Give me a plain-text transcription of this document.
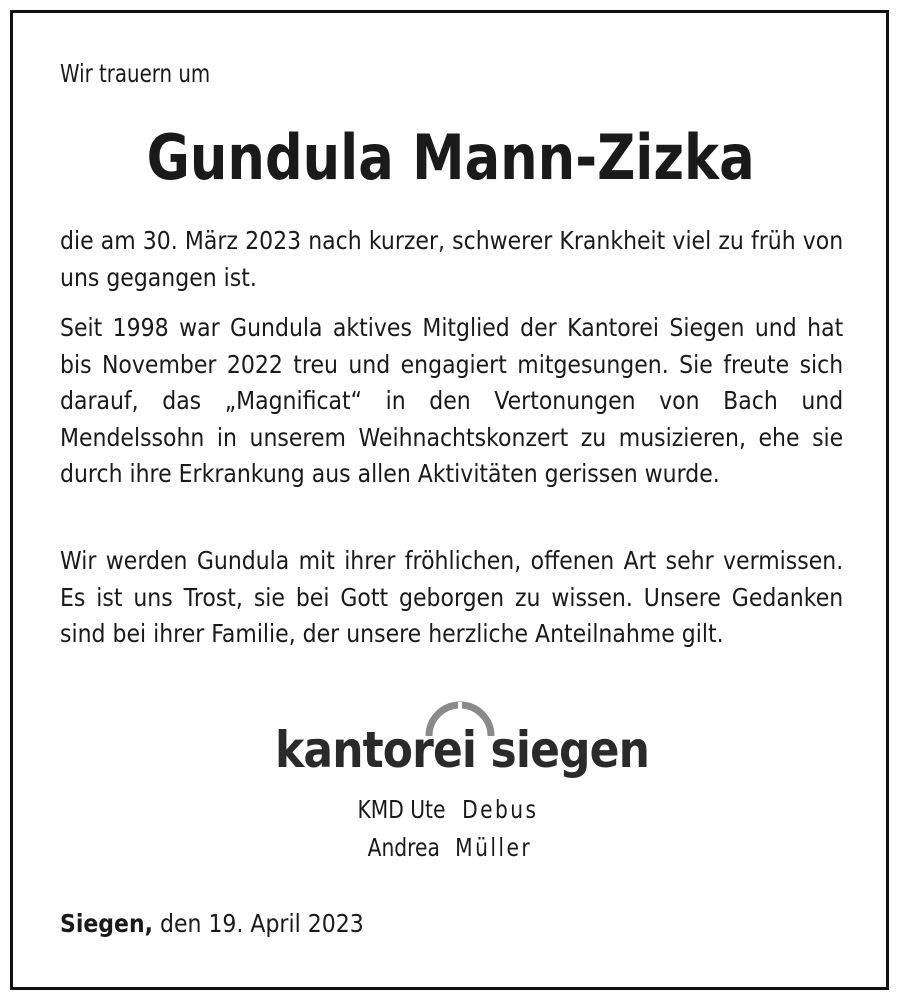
Wir trauern um
Gundula Mann-Zizka

die am 30. März 2023 nach kurzer, schwerer Krankheit viel zu früh von uns gegangen ist.

Seit 1998 war Gundula aktives Mitglied der Kantorei Siegen und hat bis November 2022 treu und engagiert mitgesungen. Sie freute sich darauf, das „Magnificat“ in den Vertonungen von Bach und Mendelssohn in unserem Weihnachtskonzert zu musizieren, ehe sie durch ihre Erkrankung aus allen Aktivitäten gerissen wurde.

Wir werden Gundula mit ihrer fröhlichen, offenen Art sehr vermissen. Es ist uns Trost, sie bei Gott geborgen zu wissen. Unsere Gedanken sind bei ihrer Familie, der unsere herzliche Anteilnahme gilt.

kantorei siegen
KMD Ute Debus
Andrea Müller
Siegen, den 19. April 2023
